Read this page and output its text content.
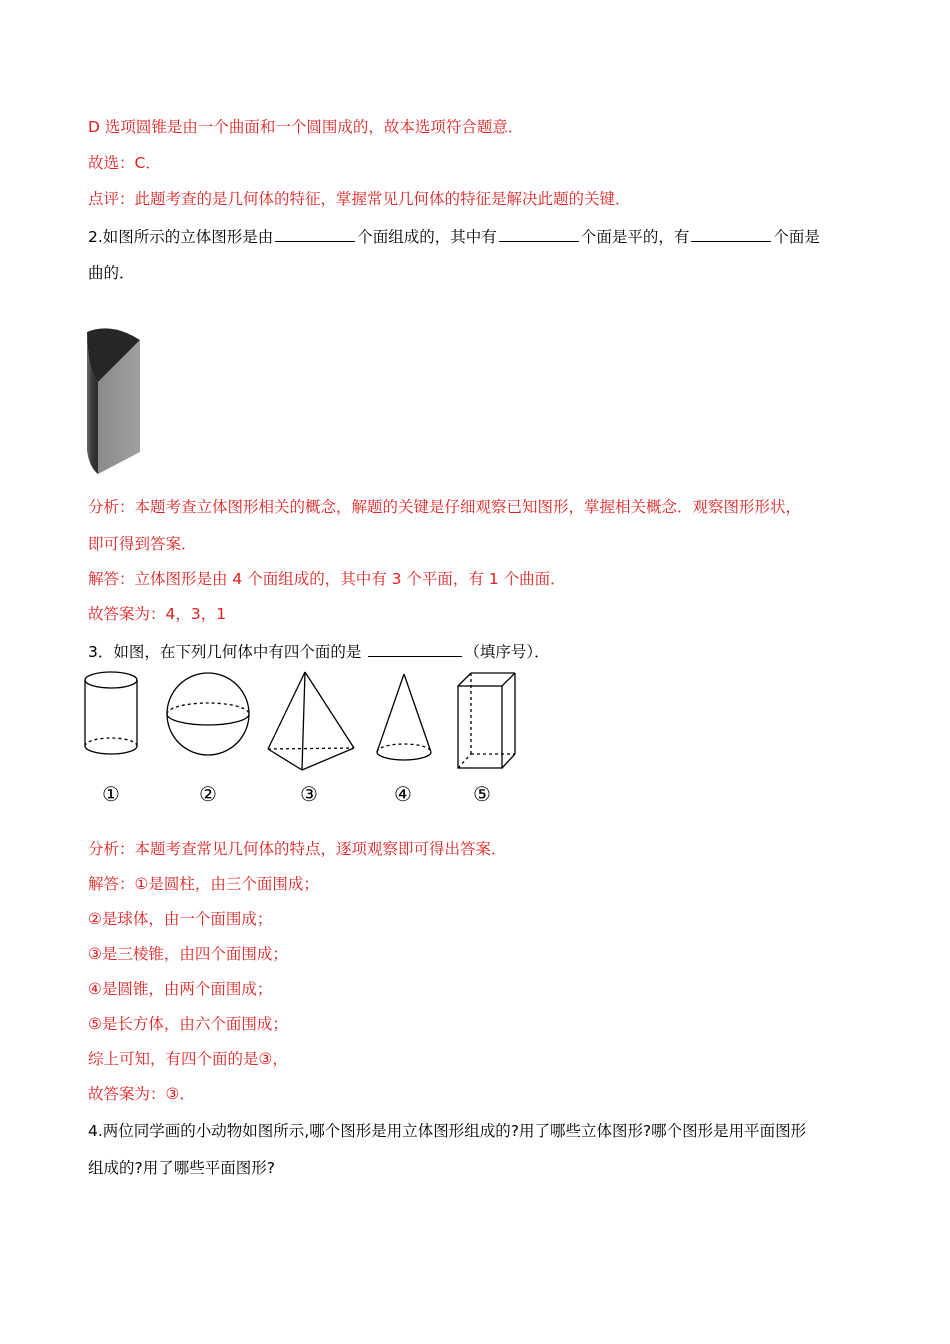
D 选项圆锥是由一个曲面和一个圆围成的，故本选项符合题意．
故选：C．
点评：此题考查的是几何体的特征，掌握常见几何体的特征是解决此题的关键．
2.如图所示的立体图形是由	个面组成的，其中有	个面是平的，有	个面是
曲的．
分析：本题考查立体图形相关的概念，解题的关键是仔细观察已知图形，掌握相关概念．观察图形形状，
即可得到答案．
解答：立体图形是由 4 个面组成的，其中有 3 个平面，有 1 个曲面．
故答案为：4，3，1
3．如图，在下列几何体中有四个面的是	（填序号）．
①	②	③	④	⑤
分析：本题考查常见几何体的特点，逐项观察即可得出答案．
解答：①是圆柱，由三个面围成；
②是球体，由一个面围成；
③是三棱锥，由四个面围成；
④是圆锥，由两个面围成；
⑤是长方体，由六个面围成；
综上可知，有四个面的是③，
故答案为：③．
4.两位同学画的小动物如图所示,哪个图形是用立体图形组成的?用了哪些立体图形?哪个图形是用平面图形
组成的?用了哪些平面图形?
